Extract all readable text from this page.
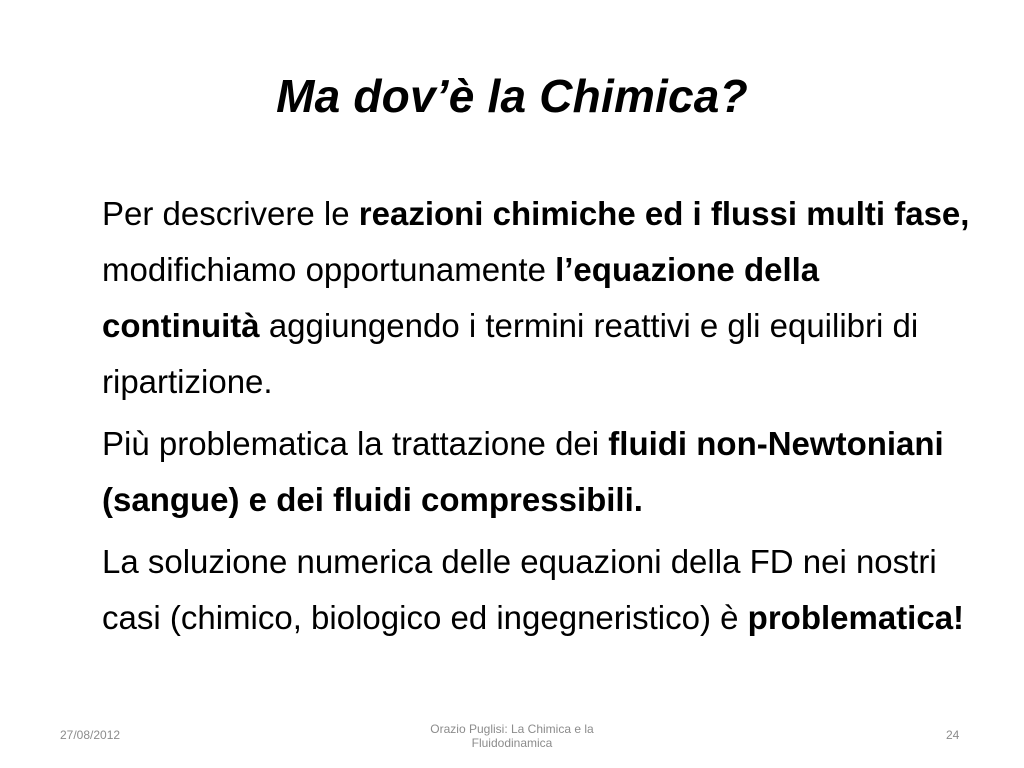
Ma dov’è la Chimica?

Per descrivere le reazioni chimiche ed i flussi multi fase, modifichiamo opportunamente l’equazione della continuità aggiungendo i termini reattivi e gli equilibri di ripartizione.

Più problematica la trattazione dei fluidi non-Newtoniani (sangue) e dei fluidi compressibili.

La soluzione numerica delle equazioni della FD nei nostri casi (chimico, biologico ed ingegneristico) è problematica!

27/08/2012	Orazio Puglisi: La Chimica e la Fluidodinamica
24
